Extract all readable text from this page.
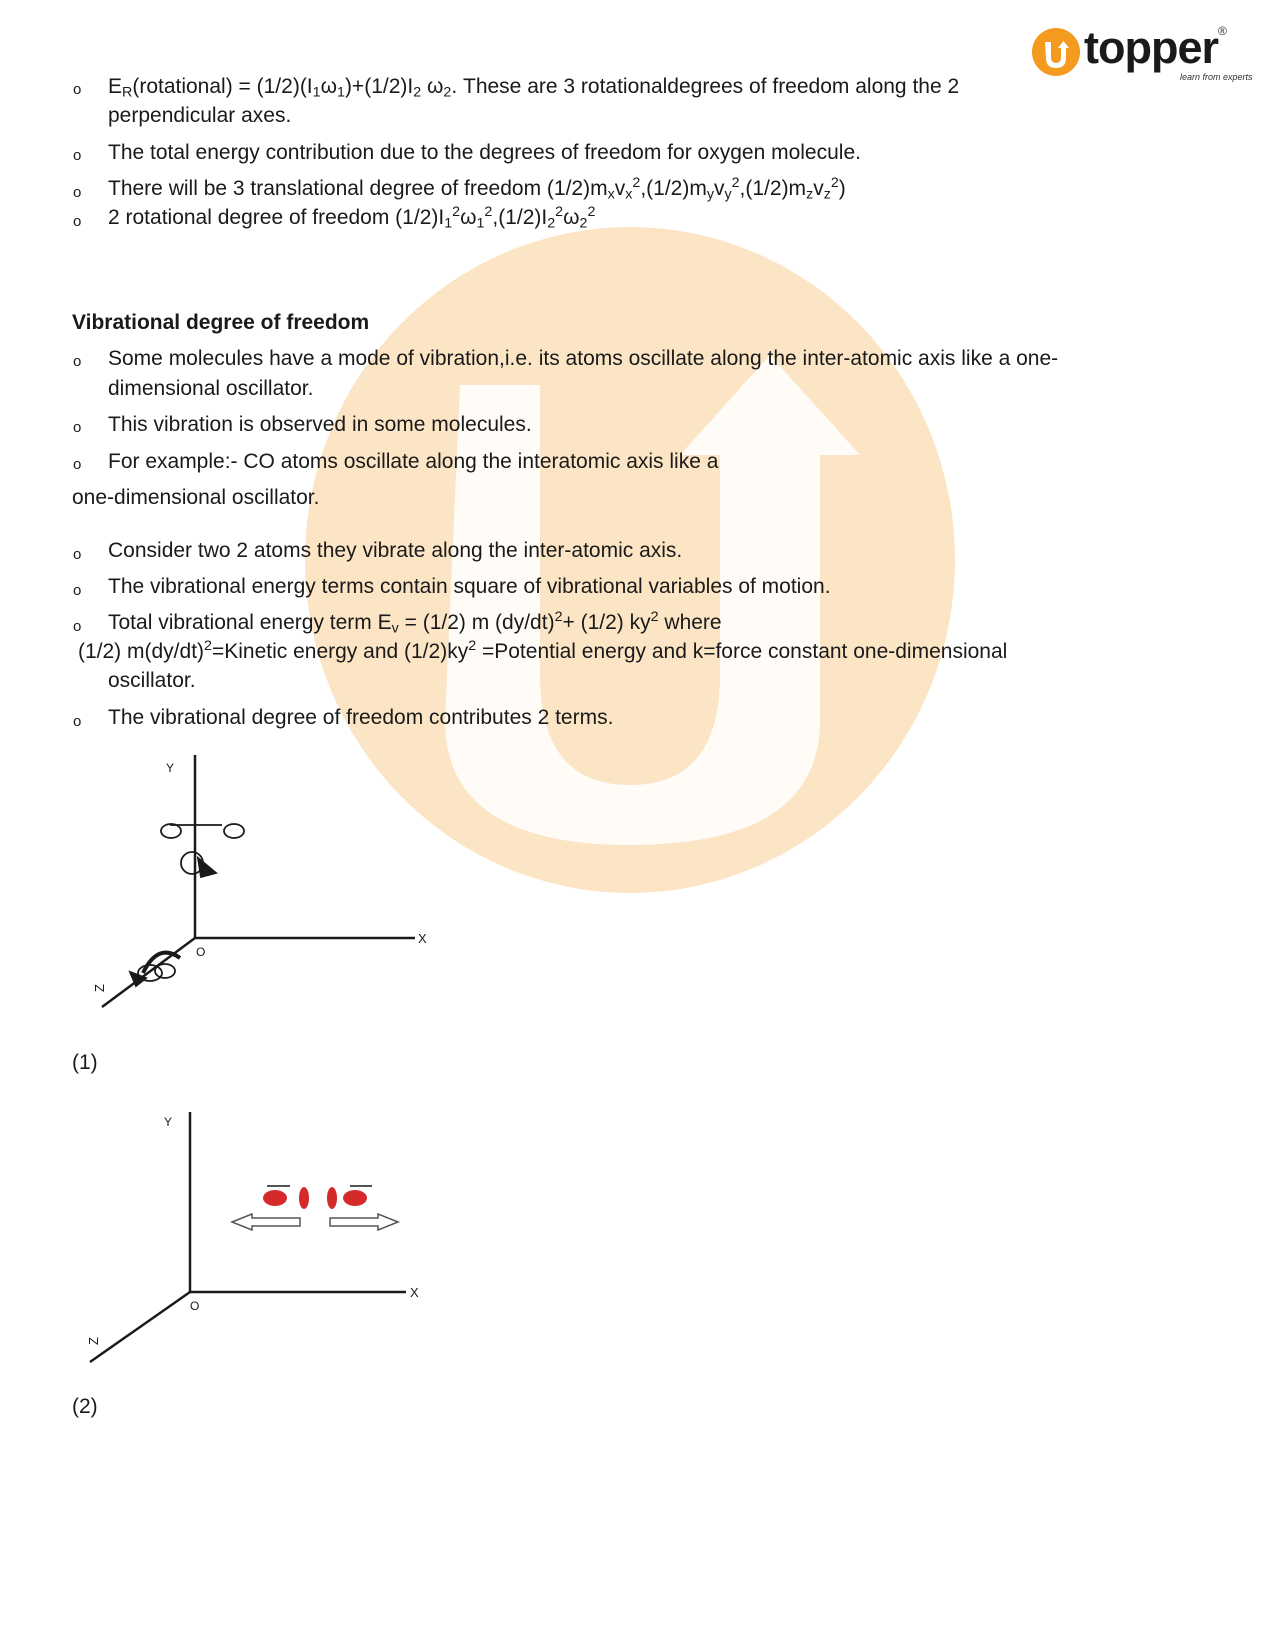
topper
learn from experts
®
o $E_R(rotational) = (1/2)(I_1\omega_1)+(1/2)I_2$ $\omega_2$. These are 3 rotationaldegrees of freedom along the 2
perpendicular axes.
o The total energy contribution due to the degrees of freedom for oxygen molecule.
o There will be 3 translational degree of freedom $(1/2)m_xv_x^2,(1/2)m_yv_y^2,(1/2)m_zv_z^2$)
o 2 rotational degree of freedom $(1/2)I_1^2\omega_1^2,(1/2)I_2^2\omega_2^2$
Vibrational degree of freedom
o Some molecules have a mode of vibration,i.e. its atoms oscillate along the inter-atomic axis like a one-
dimensional oscillator.
o This vibration is observed in some molecules.
o For example:- CO atoms oscillate along the interatomic axis like a
one-dimensional oscillator.
o Consider two 2 atoms they vibrate along the inter-atomic axis.
o The vibrational energy terms contain square of vibrational variables of motion.
o Total vibrational energy term $E_v = (1/2)$ m $(dy/dt)^2+ (1/2)$ $ky^2$ where
(1/2) $m(dy/dt)^2=Kinetic$ energy and $(1/2)ky^2$ =Potential energy and k=force constant one-dimensional
oscillator.
o The vibrational degree of freedom contributes 2 terms.
Y
X
Z
O
(1)
Y
X
Z
O
(2)
